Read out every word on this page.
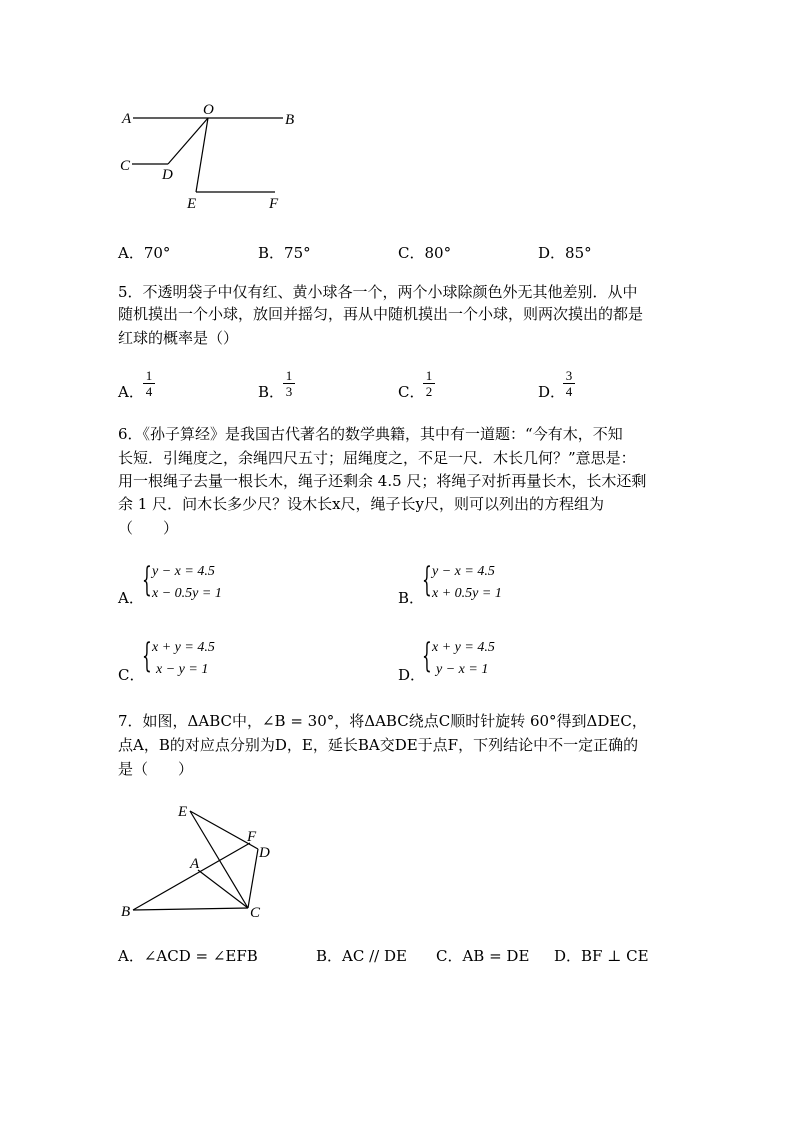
A
O
B
C
D
E	F
A．70°	B．75°	C．80°	D．85°
5．不透明袋子中仅有红、黄小球各一个，两个小球除颜色外无其他差别．从中
随机摸出一个小球，放回并摇匀，再从中随机摸出一个小球，则两次摸出的都是
红球的概率是（）
A．
1
4	B．
1
3	C．
1
2	D．
3
4
6．《孙子算经》是我国古代著名的数学典籍，其中有一道题：“今有木，不知
长短．引绳度之，余绳四尺五寸；屈绳度之，不足一尺．木长几何？”意思是：
用一根绳子去量一根长木，绳子还剩余 4.5 尺；将绳子对折再量长木，长木还剩
余 1 尺．问木长多少尺？设木长x尺，绳子长y尺，则可以列出的方程组为
（　　）
A．
{ y − x = 4.5
x − 0.5y = 1	B．
{ y − x = 4.5
x + 0.5y = 1
C．
{ x + y = 4.5
x − y = 1	D．
{ x + y = 4.5
y − x = 1
7．如图，ΔABC中，∠B = 30°，将ΔABC绕点C顺时针旋转 60°得到ΔDEC，
点A，B的对应点分别为D，E，延长BA交DE于点F，下列结论中不一定正确的
是（　　）
E
F
D
A
B	C
A．∠ACD = ∠EFB	B．AC // DE C．AB = DE D．BF ⊥ CE
